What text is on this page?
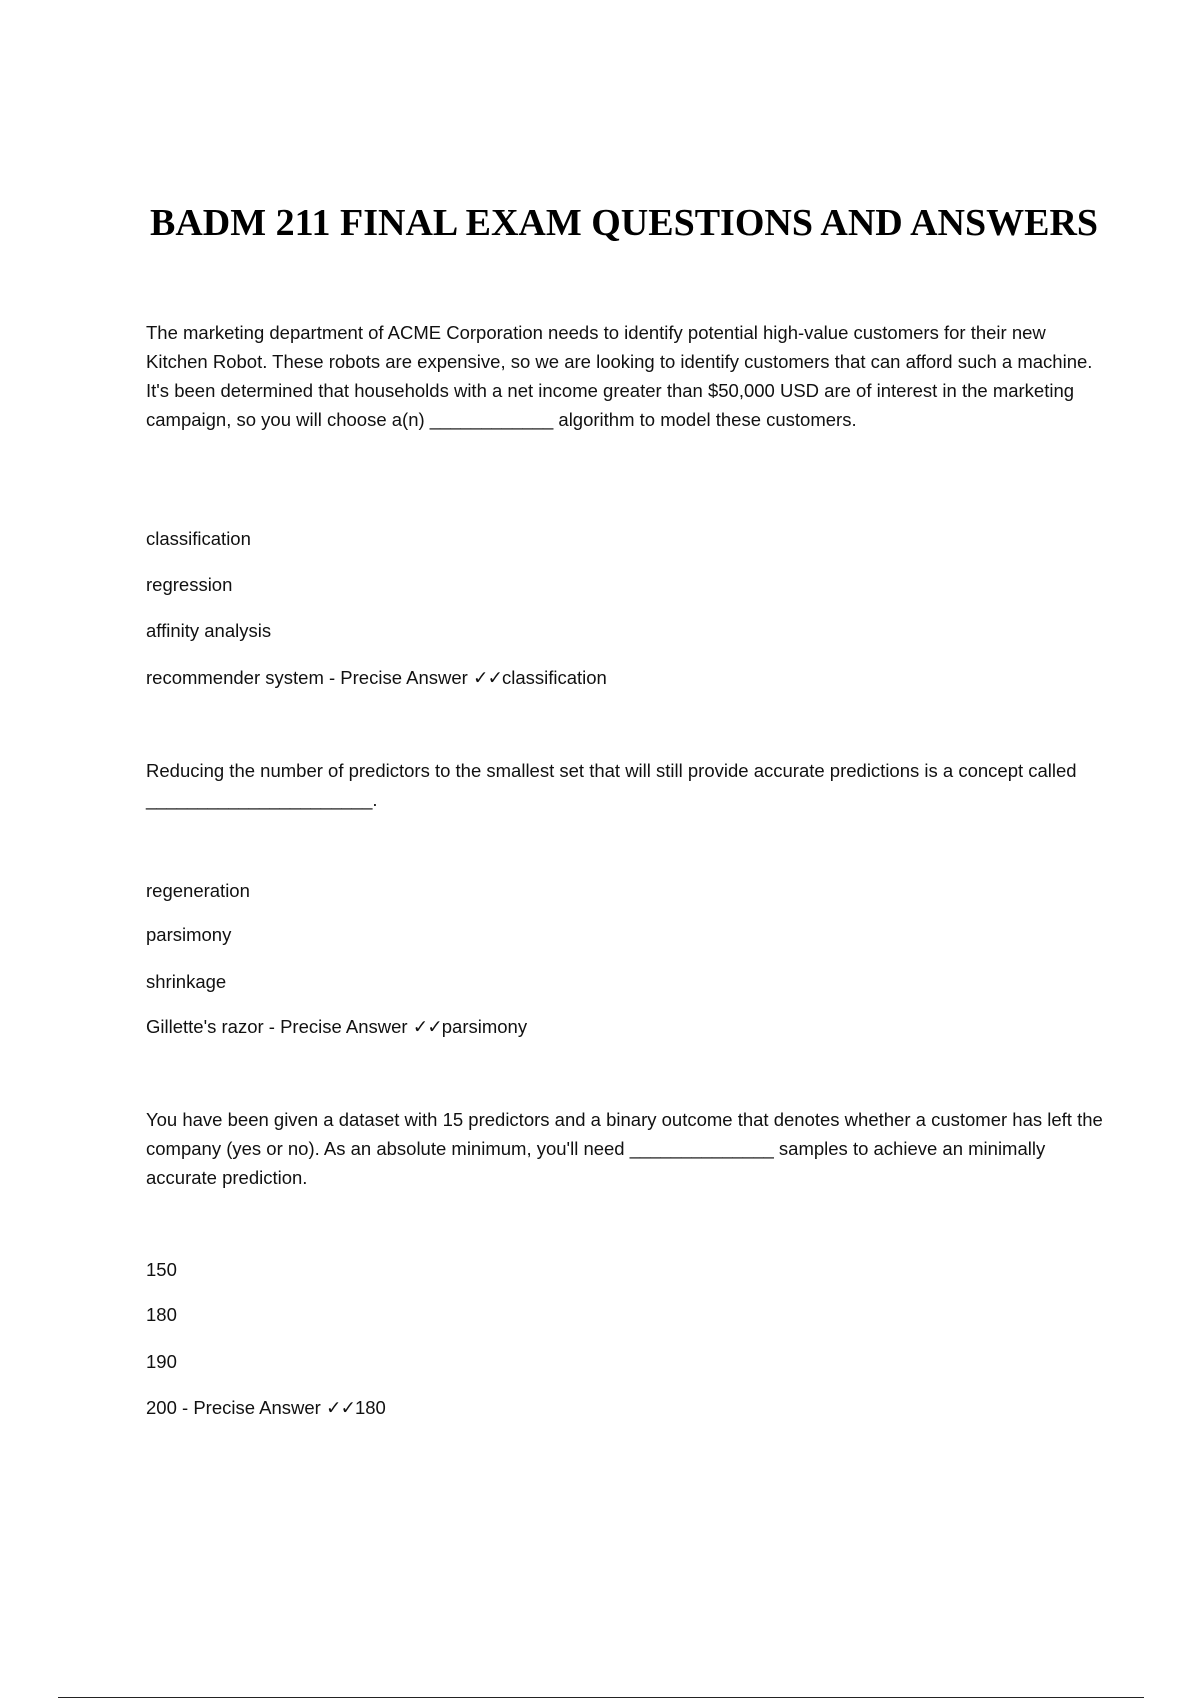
BADM 211 FINAL EXAM QUESTIONS AND ANSWERS

The marketing department of ACME Corporation needs to identify potential high-value customers for their new Kitchen Robot. These robots are expensive, so we are looking to identify customers that can afford such a machine. It's been determined that households with a net income greater than $50,000 USD are of interest in the marketing campaign, so you will choose a(n) ____________ algorithm to model these customers.

classification

regression

affinity analysis

recommender system - Precise Answer ✓✓classification

Reducing the number of predictors to the smallest set that will still provide accurate predictions is a concept called ______________________.

regeneration

parsimony

shrinkage

Gillette's razor - Precise Answer ✓✓parsimony

You have been given a dataset with 15 predictors and a binary outcome that denotes whether a customer has left the company (yes or no). As an absolute minimum, you'll need ______________ samples to achieve an minimally accurate prediction.

150

180

190

200 - Precise Answer ✓✓180
